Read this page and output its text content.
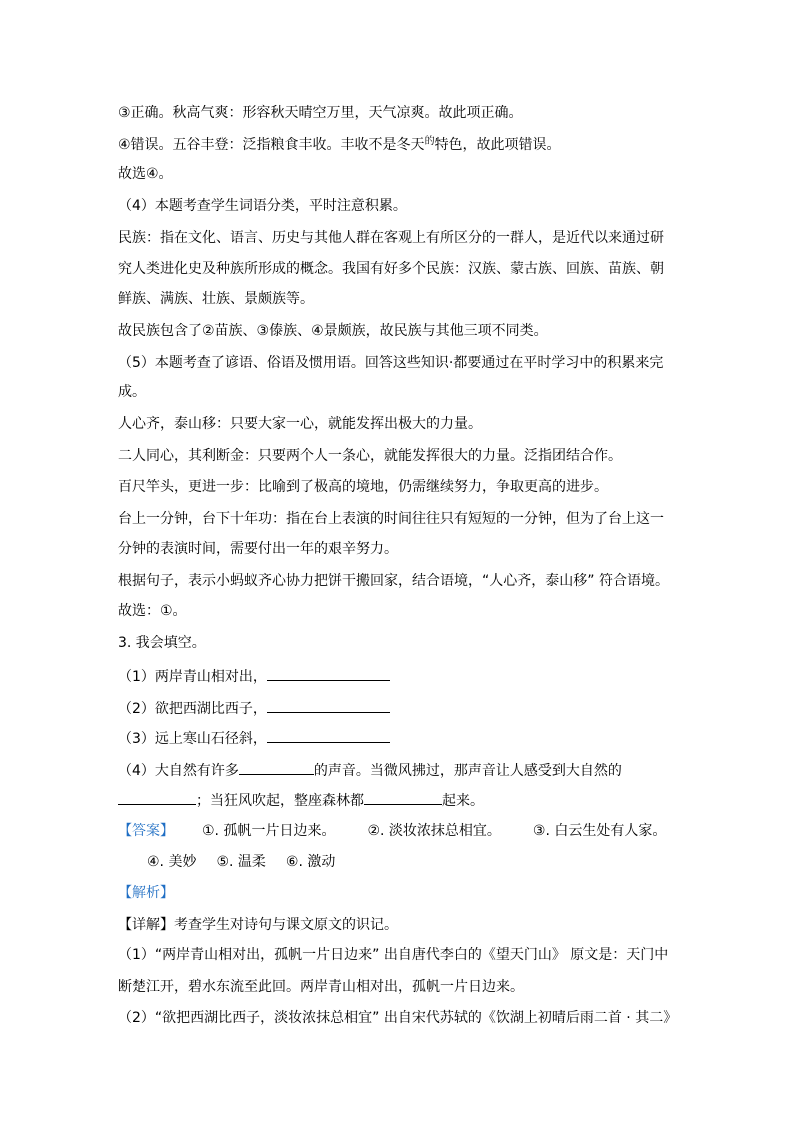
③正确。秋高气爽：形容秋天晴空万里，天气凉爽。故此项正确。
④错误。五谷丰登：泛指粮食丰收。丰收不是冬天$^的$特色，故此项错误。
故选④。
（4）本题考查学生词语分类，平时注意积累。
民族：指在文化、语言、历史与其他人群在客观上有所区分的一群人，是近代以来通过研
究人类进化史及种族所形成的概念。我国有好多个民族：汉族、蒙古族、回族、苗族、朝
鲜族、满族、壮族、景颇族等。
故民族包含了②苗族、③傣族、④景颇族，故民族与其他三项不同类。
（5）本题考查了谚语、俗语及惯用语。回答这些知识·都要通过在平时学习中的积累来完
成。
人心齐，泰山移：只要大家一心，就能发挥出极大的力量。
二人同心，其利断金：只要两个人一条心，就能发挥很大的力量。泛指团结合作。
百尺竿头，更进一步：比喻到了极高的境地，仍需继续努力，争取更高的进步。
台上一分钟，台下十年功：指在台上表演的时间往往只有短短的一分钟，但为了台上这一
分钟的表演时间，需要付出一年的艰辛努力。
根据句子，表示小蚂蚁齐心协力把饼干搬回家，结合语境，“人心齐，泰山移” 符合语境。
故选：①。
3. 我会填空。
（1）两岸青山相对出，
（2）欲把西湖比西子，
（3）远上寒山石径斜，
（4）大自然有许多	的声音。当微风拂过，那声音让人感受到大自然的
；当狂风吹起，整座森林都	起来。
【答案】 ①. 孤帆一片日边来。 ②. 淡妆浓抹总相宜。 ③. 白云生处有人家。
④. 美妙 ⑤. 温柔 ⑥. 激动
【解析】
【详解】考查学生对诗句与课文原文的识记。
（1）“两岸青山相对出，孤帆一片日边来” 出自唐代李白的《望天门山》 原文是：天门中
断楚江开，碧水东流至此回。两岸青山相对出，孤帆一片日边来。
（2）“欲把西湖比西子，淡妆浓抹总相宜” 出自宋代苏轼的《饮湖上初晴后雨二首 · 其二》
